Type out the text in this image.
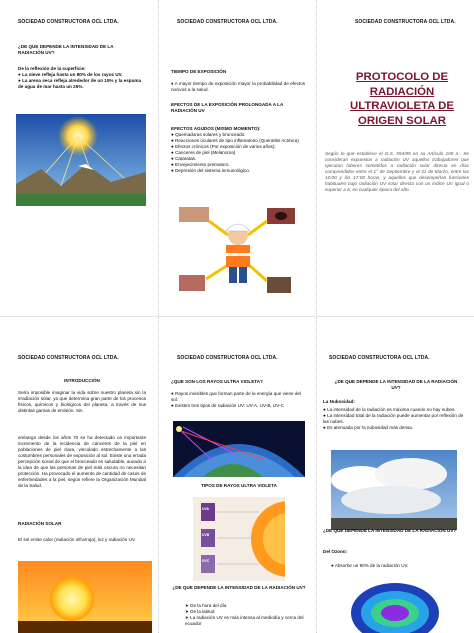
SOCIEDAD CONSTRUCTORA OCL LTDA.
¿DE QUE DEPENDE LA INTENSIDAD DE LA RADIACIÓN UV?
De la reflexión de la superficie:
● La nieve refleja hasta un 80% de los rayos UV.
● La arena seca refleja alrededor de un 15% y la espuma de agua de mar hasta un 25%.
SOCIEDAD CONSTRUCTORA OCL LTDA.
TIEMPO DE EXPOSICIÓN
♦ A mayor tiempo de exposición mayor la probabilidad de efectos nocivos a la salud.
EFECTOS DE LA EXPOSICIÓN PROLONGADA A LA RADIACIÓN UV
EFECTOS AGUDOS (MISMO MOMENTO):
● Quemaduras solares y bronceado.
● Reacciones oculares de tipo inflamatorio (Queratitis Actinica)
● Efectos crónicos (Por exposición de varios años):
● Canceres de piel (Melanoma)
● Cataratas.
● Envejecimiento prematuro.
● Depresión del sistema inmunológico.
SOCIEDAD CONSTRUCTORA OCL LTDA.
PROTOCOLO DE RADIACIÓN ULTRAVIOLETA DE ORIGEN SOLAR
Según lo que establece el D.S. 594/99 en su Artículo 109 a.- Se consideran expuestos a radiación UV aquellos trabajadores que ejecutan labores sometidos a radiación solar directa en días comprendidos entre el 1° de Septiembre y el 31 de Marzo, entre las 10:00 y las 17:00 horas, y aquellos que desempeñan funciones habituales bajo radiación UV solar directa con un índice UV igual o superior a 6, en cualquier época del año.
SOCIEDAD CONSTRUCTORA OCL LTDA.
INTRODUCCIÓN
Sería imposible imaginar la vida sobre nuestro planeta sin la irradiación solar, ya que determina gran parte de los procesos físicos, químicos y biológicos del planeta, a través de sus distintas gamas de emisión. Sin
embargo desde los años 70 se ha detectado un importante incremento de la incidencia de cánceres de la piel en poblaciones de piel clara, vinculado estrechamente a las costumbres personales de exposición al sol. Existe una errada percepción social de que el bronceado es saludable, aunado a la idea de que las personas de piel más oscura no necesitan protección. Ha provocado el aumento de cantidad de casos de enfermedades a la piel, según refiere la Organización Mundial de la Salud.
RADIACIÓN SOLAR
El sol emite calor (radiación infrarroja), luz y radiación UV.
SOCIEDAD CONSTRUCTORA OCL LTDA.
¿QUE SON LOS RAYOS ULTRA VIOLETA?
● Rayos invisibles que forman parte de la energía que viene del sol.
● Existen tres tipos de radiación UV: UV-A, UV-B, UV-C
TIPOS DE RAYOS ULTRA VIOLETA
UVA
UVB
UVC
¿DE QUE DEPENDE LA INTENSIDAD DE LA RADIACIÓN UV?
➤ De la hora del día
➤ De la latitud
➤ La radiación UV es más intensa al mediodía y cerca del ecuador
SOCIEDAD CONSTRUCTORA OCL LTDA.
¿DE QUE DEPENDE LA INTENSIDAD DE LA RADIACIÓN UV?
La Nubosidad:
● La intensidad de la radiación es máxima cuando no hay nubes.
● La intensidad total de la radiación puede aumentar por reflexión de las nubes.
● Es atenuada por la nubosidad más densa.
¿DE QUE DEPENDE LA INTENSIDAD DE LA RADIACIÓN UV?
Del Ozono:
● Absorbe un 90% de la radiación UV.
